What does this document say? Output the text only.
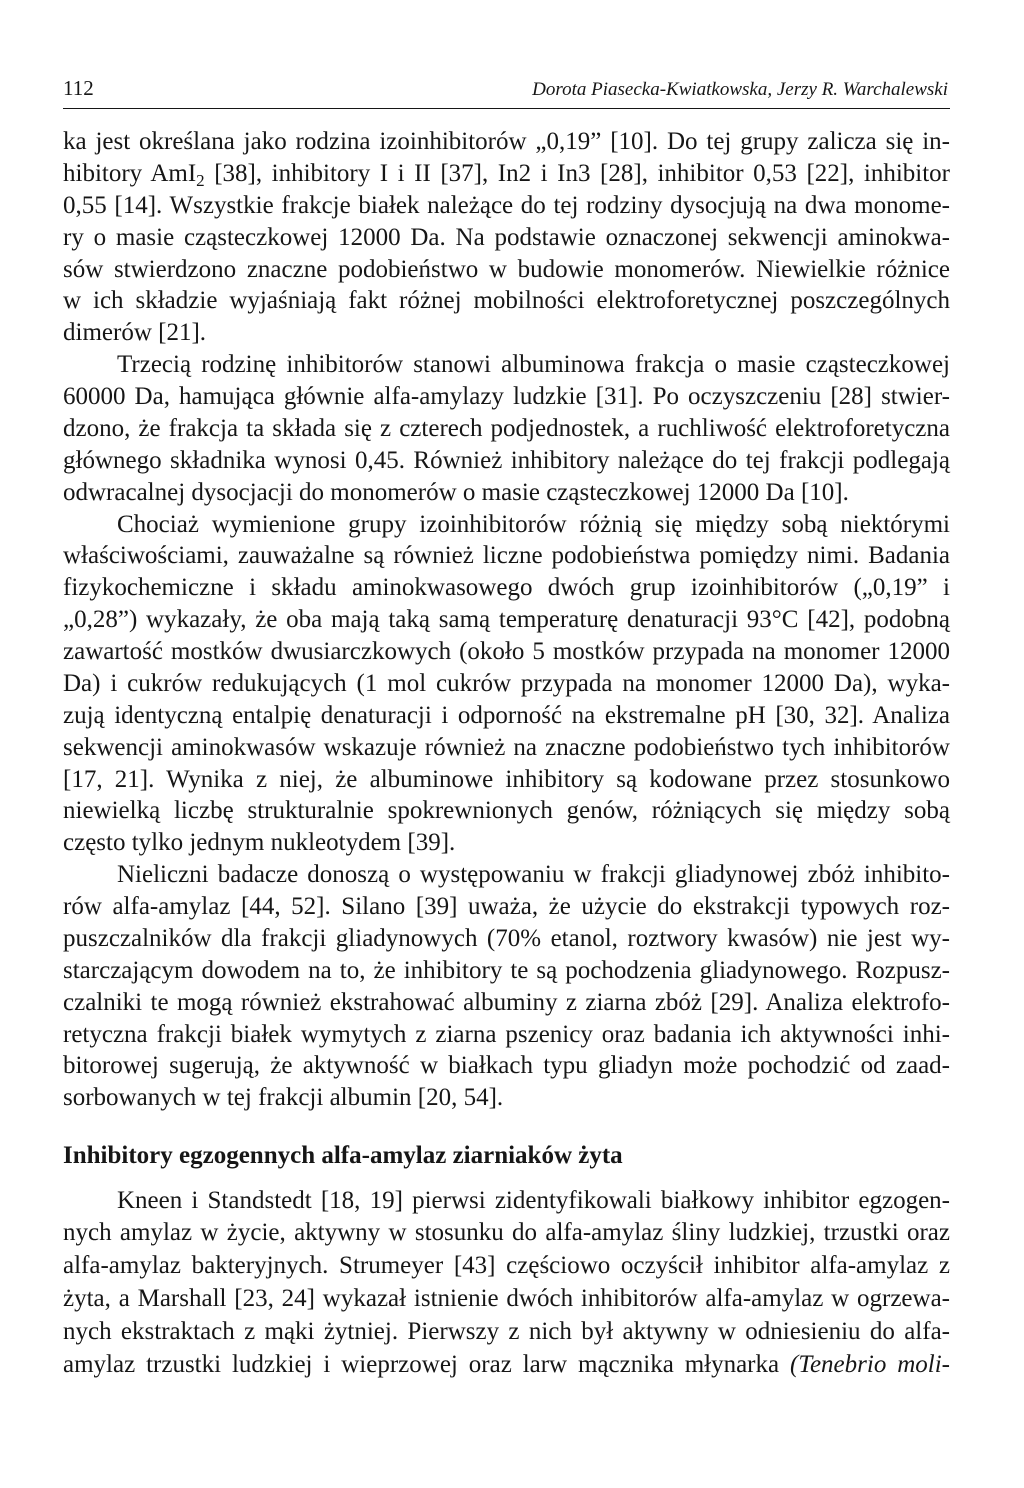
112	Dorota Piasecka-Kwiatkowska, Jerzy R. Warchalewski
ka jest określana jako rodzina izoinhibitorów „0,19” [10]. Do tej grupy zalicza się in-
hibitory AmI$_2$ [38], inhibitory I i II [37], In2 i In3 [28], inhibitor 0,53 [22], inhibitor
0,55 [14]. Wszystkie frakcje białek należące do tej rodziny dysocjują na dwa monome-
ry o masie cząsteczkowej 12000 Da. Na podstawie oznaczonej sekwencji aminokwa-
sów stwierdzono znaczne podobieństwo w budowie monomerów. Niewielkie różnice
w ich składzie wyjaśniają fakt różnej mobilności elektroforetycznej poszczególnych
dimerów [21].
Trzecią rodzinę inhibitorów stanowi albuminowa frakcja o masie cząsteczkowej
60000 Da, hamująca głównie alfa-amylazy ludzkie [31]. Po oczyszczeniu [28] stwier-
dzono, że frakcja ta składa się z czterech podjednostek, a ruchliwość elektroforetyczna
głównego składnika wynosi 0,45. Również inhibitory należące do tej frakcji podlegają
odwracalnej dysocjacji do monomerów o masie cząsteczkowej 12000 Da [10].
Chociaż wymienione grupy izoinhibitorów różnią się między sobą niektórymi
właściwościami, zauważalne są również liczne podobieństwa pomiędzy nimi. Badania
fizykochemiczne i składu aminokwasowego dwóch grup izoinhibitorów („0,19” i
„0,28”) wykazały, że oba mają taką samą temperaturę denaturacji 93°C [42], podobną
zawartość mostków dwusiarczkowych (około 5 mostków przypada na monomer 12000
Da) i cukrów redukujących (1 mol cukrów przypada na monomer 12000 Da), wyka-
zują identyczną entalpię denaturacji i odporność na ekstremalne pH [30, 32]. Analiza
sekwencji aminokwasów wskazuje również na znaczne podobieństwo tych inhibitorów
[17, 21]. Wynika z niej, że albuminowe inhibitory są kodowane przez stosunkowo
niewielką liczbę strukturalnie spokrewnionych genów, różniących się między sobą
często tylko jednym nukleotydem [39].
Nieliczni badacze donoszą o występowaniu w frakcji gliadynowej zbóż inhibito-
rów alfa-amylaz [44, 52]. Silano [39] uważa, że użycie do ekstrakcji typowych roz-
puszczalników dla frakcji gliadynowych (70% etanol, roztwory kwasów) nie jest wy-
starczającym dowodem na to, że inhibitory te są pochodzenia gliadynowego. Rozpusz-
czalniki te mogą również ekstrahować albuminy z ziarna zbóż [29]. Analiza elektrofo-
retyczna frakcji białek wymytych z ziarna pszenicy oraz badania ich aktywności inhi-
bitorowej sugerują, że aktywność w białkach typu gliadyn może pochodzić od zaad-
sorbowanych w tej frakcji albumin [20, 54].
Inhibitory egzogennych alfa-amylaz ziarniaków żyta
Kneen i Standstedt [18, 19] pierwsi zidentyfikowali białkowy inhibitor egzogen-
nych amylaz w życie, aktywny w stosunku do alfa-amylaz śliny ludzkiej, trzustki oraz
alfa-amylaz bakteryjnych. Strumeyer [43] częściowo oczyścił inhibitor alfa-amylaz z
żyta, a Marshall [23, 24] wykazał istnienie dwóch inhibitorów alfa-amylaz w ogrzewa-
nych ekstraktach z mąki żytniej. Pierwszy z nich był aktywny w odniesieniu do alfa-
amylaz trzustki ludzkiej i wieprzowej oraz larw mącznika młynarka (Tenebrio moli-
